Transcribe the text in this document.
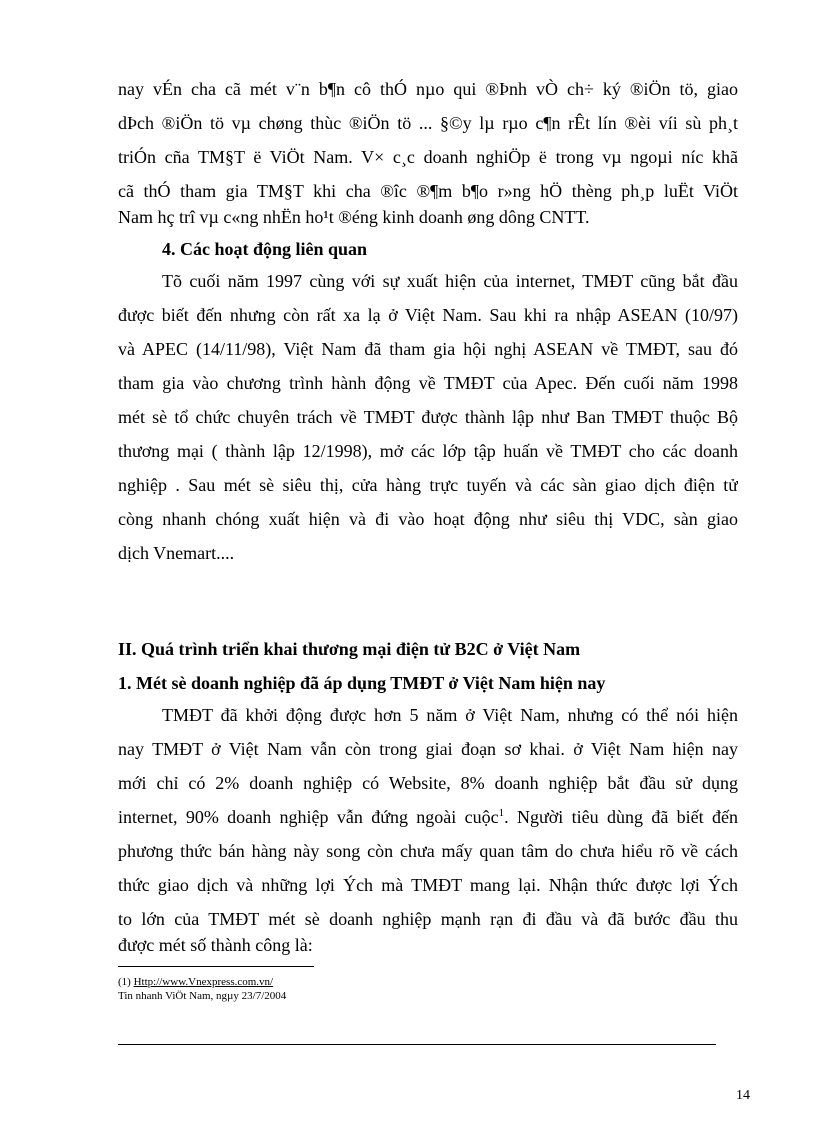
nay vÉn cha cã mét v¨n b¶n cô thÓ nµo qui ®Þnh vÒ ch÷ ký ®iÖn tö, giao
dÞch ®iÖn tö vµ chøng thùc ®iÖn tö ... §©y lµ rµo c¶n rÊt lín ®èi víi sù ph¸t
triÓn cña TM§T ë ViÖt Nam. V× c¸c doanh nghiÖp ë trong vµ ngoµi níc khã
cã thÓ tham gia TM§T khi cha ®îc ®¶m b¶o r»ng hÖ thèng ph¸p luËt ViÖt
Nam hç trî vµ c«ng nhËn ho¹t ®éng kinh doanh øng dông CNTT.
4. Các hoạt động liên quan
Tõ cuối năm 1997 cùng với sự xuất hiện của internet, TMĐT cũng bắt đầu
được biết đến nhưng còn rất xa lạ ở Việt Nam. Sau khi ra nhập ASEAN (10/97)
và APEC (14/11/98), Việt Nam đã tham gia hội nghị ASEAN về TMĐT, sau đó
tham gia vào chương trình hành động về TMĐT của Apec. Đến cuối năm 1998
mét sè tổ chức chuyên trách về TMĐT được thành lập như Ban TMĐT thuộc Bộ
thương mại ( thành lập 12/1998), mở các lớp tập huấn về TMĐT cho các doanh
nghiệp . Sau mét sè siêu thị, cửa hàng trực tuyến và các sàn giao dịch điện tử
còng nhanh chóng xuất hiện và đi vào hoạt động như siêu thị VDC, sàn giao
dịch Vnemart....
II. Quá trình triển khai thương mại điện tử B2C ở Việt Nam
1. Mét sè doanh nghiệp đã áp dụng TMĐT ở Việt Nam hiện nay
TMĐT đã khởi động được hơn 5 năm ở Việt Nam, nhưng có thể nói hiện
nay TMĐT ở Việt Nam vẫn còn trong giai đoạn sơ khai. ở Việt Nam hiện nay
mới chỉ có 2% doanh nghiệp có Website, 8% doanh nghiệp bắt đầu sử dụng
internet, 90% doanh nghiệp vẫn đứng ngoài cuộc$^1$. Người tiêu dùng đã biết đến
phương thức bán hàng này song còn chưa mấy quan tâm do chưa hiểu rõ về cách
thức giao dịch và những lợi Ých mà TMĐT mang lại. Nhận thức được lợi Ých
to lớn của TMĐT mét sè doanh nghiệp mạnh rạn đi đầu và đã bước đầu thu
được mét số thành công là:
(1) Http://www.Vnexpress.com.vn/
Tin nhanh ViÖt Nam, ngµy 23/7/2004
14
